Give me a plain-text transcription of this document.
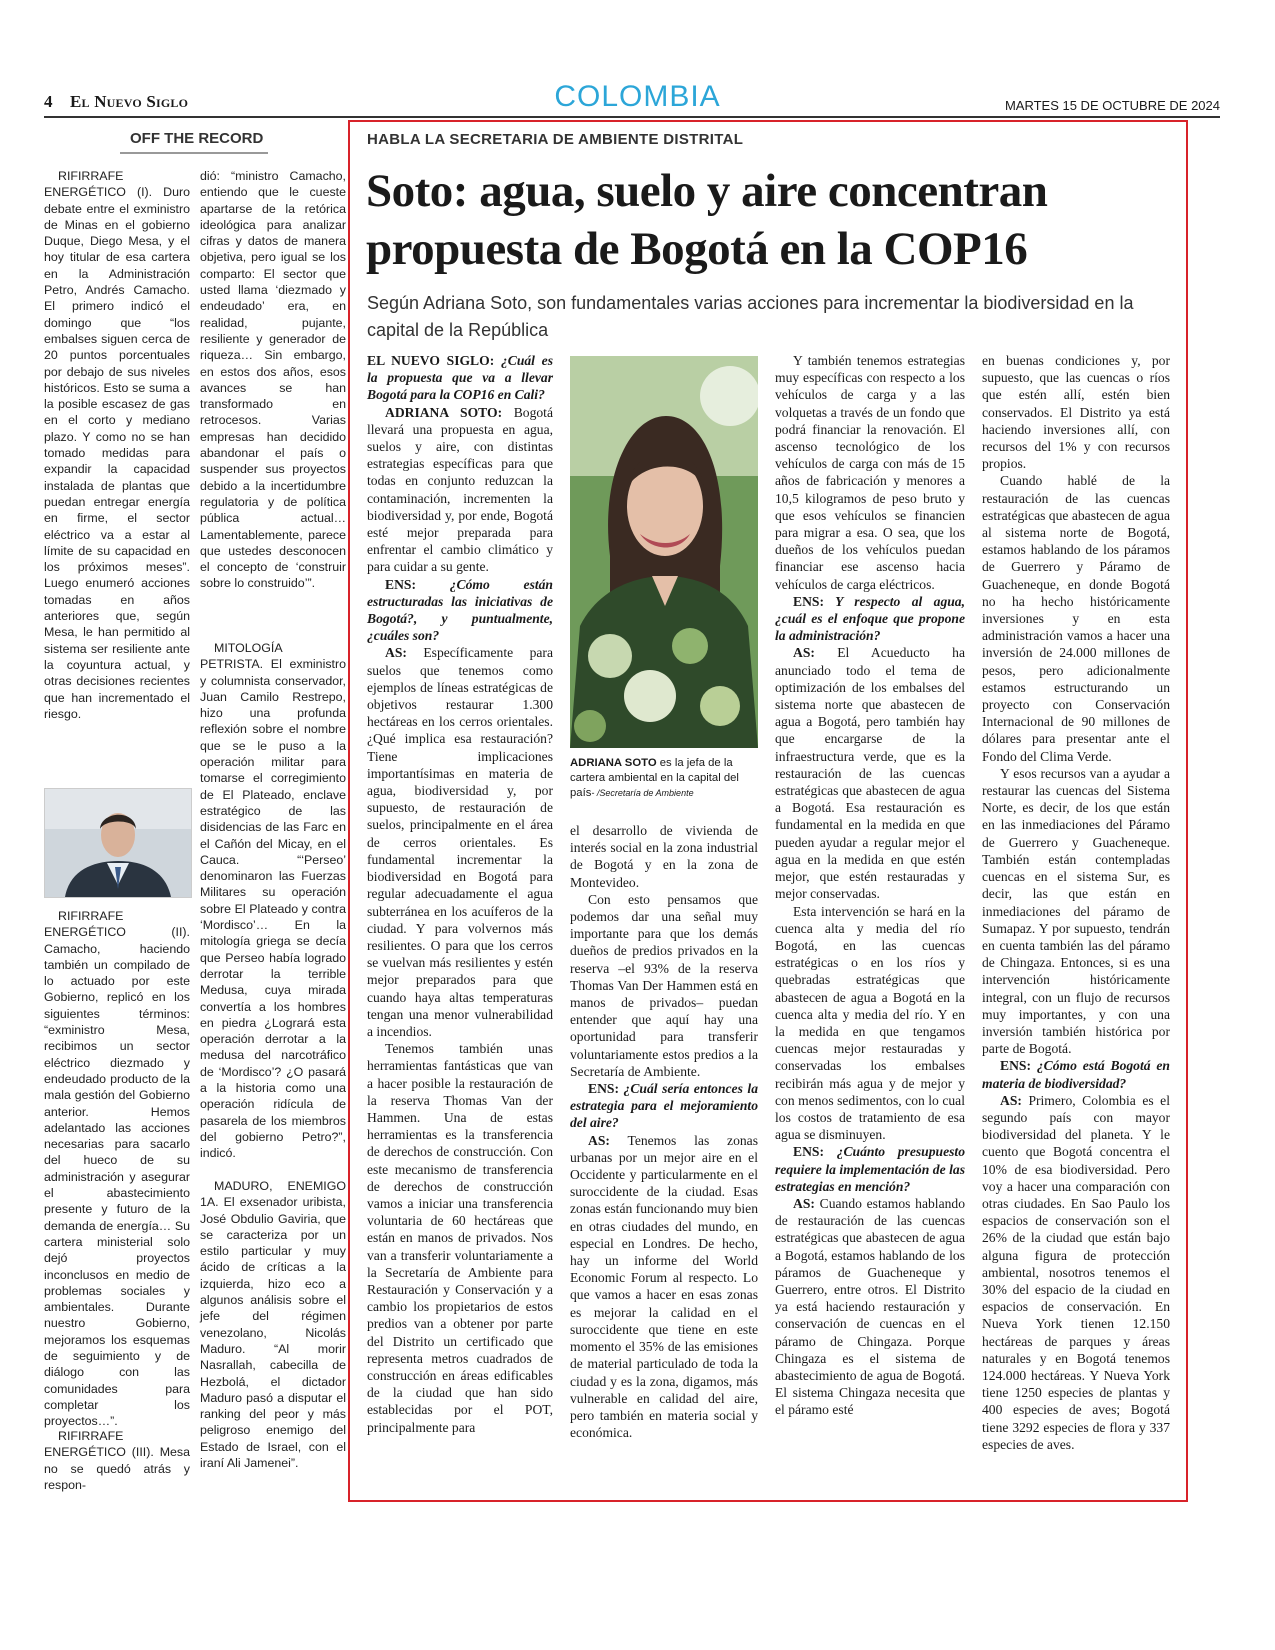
4 El Nuevo Siglo	COLOMBIA	MARTES 15 DE OCTUBRE DE 2024
OFF THE RECORD

RIFIRRAFE ENERGÉTICO (I). Duro debate entre el exministro de Minas en el gobierno Duque, Diego Mesa, y el hoy titular de esa cartera en la Administración Petro, Andrés Camacho. El primero indicó el domingo que “los embalses siguen cerca de 20 puntos porcentuales por debajo de sus niveles históricos. Esto se suma a la posible escasez de gas en el corto y mediano plazo. Y como no se han tomado medidas para expandir la capacidad instalada de plantas que puedan entregar energía en firme, el sector eléctrico va a estar al límite de su capacidad en los próximos meses”. Luego enumeró acciones tomadas en años anteriores que, según Mesa, le han permitido al sistema ser resiliente ante la coyuntura actual, y otras decisiones recientes que han incrementado el riesgo.

RIFIRRAFE ENERGÉTICO (II). Camacho, haciendo también un compilado de lo actuado por este Gobierno, replicó en los siguientes términos: “exministro Mesa, recibimos un sector eléctrico diezmado y endeudado producto de la mala gestión del Gobierno anterior. Hemos adelantado las acciones necesarias para sacarlo del hueco de su administración y asegurar el abastecimiento presente y futuro de la demanda de energía… Su cartera ministerial solo dejó proyectos inconclusos en medio de problemas sociales y ambientales. Durante nuestro Gobierno, mejoramos los esquemas de seguimiento y de diálogo con las comunidades para completar los proyectos…”.

RIFIRRAFE ENERGÉTICO (III). Mesa no se quedó atrás y respon-

dió: “ministro Camacho, entiendo que le cueste apartarse de la retórica ideológica para analizar cifras y datos de manera objetiva, pero igual se los comparto: El sector que usted llama ‘diezmado y endeudado’ era, en realidad, pujante, resiliente y generador de riqueza… Sin embargo, en estos dos años, esos avances se han transformado en retrocesos. Varias empresas han decidido abandonar el país o suspender sus proyectos debido a la incertidumbre regulatoria y de política pública actual… Lamentablemente, parece que ustedes desconocen el concepto de ‘construir sobre lo construido’”.

MITOLOGÍA PETRISTA. El exministro y columnista conservador, Juan Camilo Restrepo, hizo una profunda reflexión sobre el nombre que se le puso a la operación militar para tomarse el corregimiento de El Plateado, enclave estratégico de las disidencias de las Farc en el Cañón del Micay, en el Cauca. “‘Perseo’ denominaron las Fuerzas Militares su operación sobre El Plateado y contra ‘Mordisco’… En la mitología griega se decía que Perseo había logrado derrotar la terrible Medusa, cuya mirada convertía a los hombres en piedra ¿Logrará esta operación derrotar a la medusa del narcotráfico de ‘Mordisco’? ¿O pasará a la historia como una operación ridícula de pasarela de los miembros del gobierno Petro?”, indicó.

MADURO, ENEMIGO 1A. El exsenador uribista, José Obdulio Gaviria, que se caracteriza por un estilo particular y muy ácido de críticas a la izquierda, hizo eco a algunos análisis sobre el jefe del régimen venezolano, Nicolás Maduro. “Al morir Nasrallah, cabecilla de Hezbolá, el dictador Maduro pasó a disputar el ranking del peor y más peligroso enemigo del Estado de Israel, con el iraní Ali Jamenei”.

HABLA LA SECRETARIA DE AMBIENTE DISTRITAL
Soto: agua, suelo y aire concentran propuesta de Bogotá en la COP16
Según Adriana Soto, son fundamentales varias acciones para incrementar la biodiversidad en la capital de la República

EL NUEVO SIGLO: ¿Cuál es la propuesta que va a llevar Bogotá para la COP16 en Cali?

ADRIANA SOTO: Bogotá llevará una propuesta en agua, suelos y aire, con distintas estrategias específicas para que todas en conjunto reduzcan la contaminación, incrementen la biodiversidad y, por ende, Bogotá esté mejor preparada para enfrentar el cambio climático y para cuidar a su gente.

ENS: ¿Cómo están estructuradas las iniciativas de Bogotá?, y puntualmente, ¿cuáles son?

AS: Específicamente para suelos que tenemos como ejemplos de líneas estratégicas de objetivos restaurar 1.300 hectáreas en los cerros orientales. ¿Qué implica esa restauración? Tiene implicaciones importantísimas en materia de agua, biodiversidad y, por supuesto, de restauración de suelos, principalmente en el área de cerros orientales. Es fundamental incrementar la biodiversidad en Bogotá para regular adecuadamente el agua subterránea en los acuíferos de la ciudad. Y para volvernos más resilientes. O para que los cerros se vuelvan más resilientes y estén mejor preparados para que cuando haya altas temperaturas tengan una menor vulnerabilidad a incendios.

Tenemos también unas herramientas fantásticas que van a hacer posible la restauración de la reserva Thomas Van der Hammen. Una de estas herramientas es la transferencia de derechos de construcción. Con este mecanismo de transferencia de derechos de construcción vamos a iniciar una transferencia voluntaria de 60 hectáreas que están en manos de privados. Nos van a transferir voluntariamente a la Secretaría de Ambiente para Restauración y Conservación y a cambio los propietarios de estos predios van a obtener por parte del Distrito un certificado que representa metros cuadrados de construcción en áreas edificables de la ciudad que han sido establecidas por el POT, principalmente para

ADRIANA SOTO es la jefa de la cartera ambiental en la capital del país- /Secretaría de Ambiente

el desarrollo de vivienda de interés social en la zona industrial de Bogotá y en la zona de Montevideo.

Con esto pensamos que podemos dar una señal muy importante para que los demás dueños de predios privados en la reserva –el 93% de la reserva Thomas Van Der Hammen está en manos de privados– puedan entender que aquí hay una oportunidad para transferir voluntariamente estos predios a la Secretaría de Ambiente.

ENS: ¿Cuál sería entonces la estrategia para el mejoramiento del aire?

AS: Tenemos las zonas urbanas por un mejor aire en el Occidente y particularmente en el suroccidente de la ciudad. Esas zonas están funcionando muy bien en otras ciudades del mundo, en especial en Londres. De hecho, hay un informe del World Economic Forum al respecto. Lo que vamos a hacer en esas zonas es mejorar la calidad en el suroccidente que tiene en este momento el 35% de las emisiones de material particulado de toda la ciudad y es la zona, digamos, más vulnerable en calidad del aire, pero también en materia social y económica.

Y también tenemos estrategias muy específicas con respecto a los vehículos de carga y a las volquetas a través de un fondo que podrá financiar la renovación. El ascenso tecnológico de los vehículos de carga con más de 15 años de fabricación y menores a 10,5 kilogramos de peso bruto y que esos vehículos se financien para migrar a esa. O sea, que los dueños de los vehículos puedan financiar ese ascenso hacia vehículos de carga eléctricos.

ENS: Y respecto al agua, ¿cuál es el enfoque que propone la administración?

AS: El Acueducto ha anunciado todo el tema de optimización de los embalses del sistema norte que abastecen de agua a Bogotá, pero también hay que encargarse de la infraestructura verde, que es la restauración de las cuencas estratégicas que abastecen de agua a Bogotá. Esa restauración es fundamental en la medida en que pueden ayudar a regular mejor el agua en la medida en que estén mejor, que estén restauradas y mejor conservadas.

Esta intervención se hará en la cuenca alta y media del río Bogotá, en las cuencas estratégicas o en los ríos y quebradas estratégicas que abastecen de agua a Bogotá en la cuenca alta y media del río. Y en la medida en que tengamos cuencas mejor restauradas y conservadas los embalses recibirán más agua y de mejor y con menos sedimentos, con lo cual los costos de tratamiento de esa agua se disminuyen.

ENS: ¿Cuánto presupuesto requiere la implementación de las estrategias en mención?

AS: Cuando estamos hablando de restauración de las cuencas estratégicas que abastecen de agua a Bogotá, estamos hablando de los páramos de Guacheneque y Guerrero, entre otros. El Distrito ya está haciendo restauración y conservación de cuencas en el páramo de Chingaza. Porque Chingaza es el sistema de abastecimiento de agua de Bogotá. El sistema Chingaza necesita que el páramo esté

en buenas condiciones y, por supuesto, que las cuencas o ríos que estén allí, estén bien conservados. El Distrito ya está haciendo inversiones allí, con recursos del 1% y con recursos propios.

Cuando hablé de la restauración de las cuencas estratégicas que abastecen de agua al sistema norte de Bogotá, estamos hablando de los páramos de Guerrero y Páramo de Guacheneque, en donde Bogotá no ha hecho históricamente inversiones y en esta administración vamos a hacer una inversión de 24.000 millones de pesos, pero adicionalmente estamos estructurando un proyecto con Conservación Internacional de 90 millones de dólares para presentar ante el Fondo del Clima Verde.

Y esos recursos van a ayudar a restaurar las cuencas del Sistema Norte, es decir, de los que están en las inmediaciones del Páramo de Guerrero y Guacheneque. También están contempladas cuencas en el sistema Sur, es decir, las que están en inmediaciones del páramo de Sumapaz. Y por supuesto, tendrán en cuenta también las del páramo de Chingaza. Entonces, si es una intervención históricamente integral, con un flujo de recursos muy importantes, y con una inversión también histórica por parte de Bogotá.

ENS: ¿Cómo está Bogotá en materia de biodiversidad?

AS: Primero, Colombia es el segundo país con mayor biodiversidad del planeta. Y le cuento que Bogotá concentra el 10% de esa biodiversidad. Pero voy a hacer una comparación con otras ciudades. En Sao Paulo los espacios de conservación son el 26% de la ciudad que están bajo alguna figura de protección ambiental, nosotros tenemos el 30% del espacio de la ciudad en espacios de conservación. En Nueva York tienen 12.150 hectáreas de parques y áreas naturales y en Bogotá tenemos 124.000 hectáreas. Y Nueva York tiene 1250 especies de plantas y 400 especies de aves; Bogotá tiene 3292 especies de flora y 337 especies de aves.
